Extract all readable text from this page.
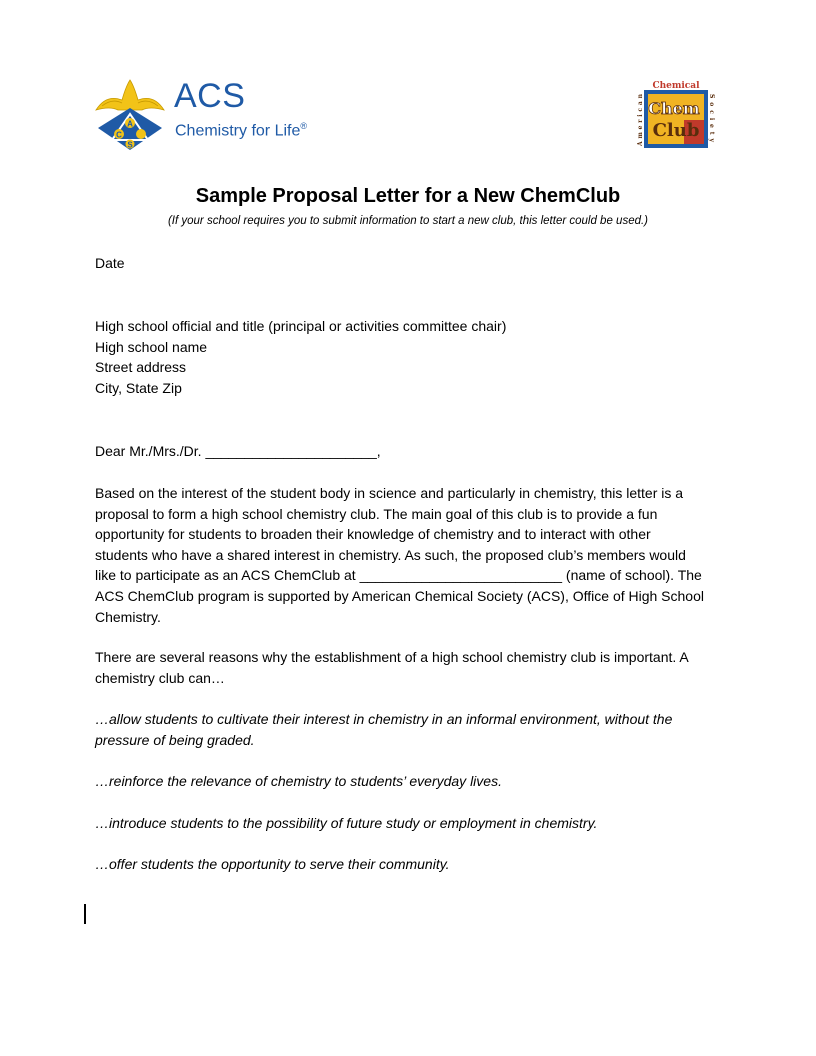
A
C
S
ACS
Chemistry for Life®
Chemical
American	Society
Chem
Club
Sample Proposal Letter for a New ChemClub
(If your school requires you to submit information to start a new club, this letter could be used.)
Date
High school official and title (principal or activities committee chair)
High school name
Street address
City, State Zip
Dear Mr./Mrs./Dr. ______________________,
Based on the interest of the student body in science and particularly in chemistry, this letter is a
proposal to form a high school chemistry club. The main goal of this club is to provide a fun
opportunity for students to broaden their knowledge of chemistry and to interact with other
students who have a shared interest in chemistry. As such, the proposed club’s members would
like to participate as an ACS ChemClub at __________________________ (name of school). The
ACS ChemClub program is supported by American Chemical Society (ACS), Office of High School
Chemistry.
There are several reasons why the establishment of a high school chemistry club is important. A
chemistry club can…
…allow students to cultivate their interest in chemistry in an informal environment, without the
pressure of being graded.
…reinforce the relevance of chemistry to students’ everyday lives.
…introduce students to the possibility of future study or employment in chemistry.
…offer students the opportunity to serve their community.
